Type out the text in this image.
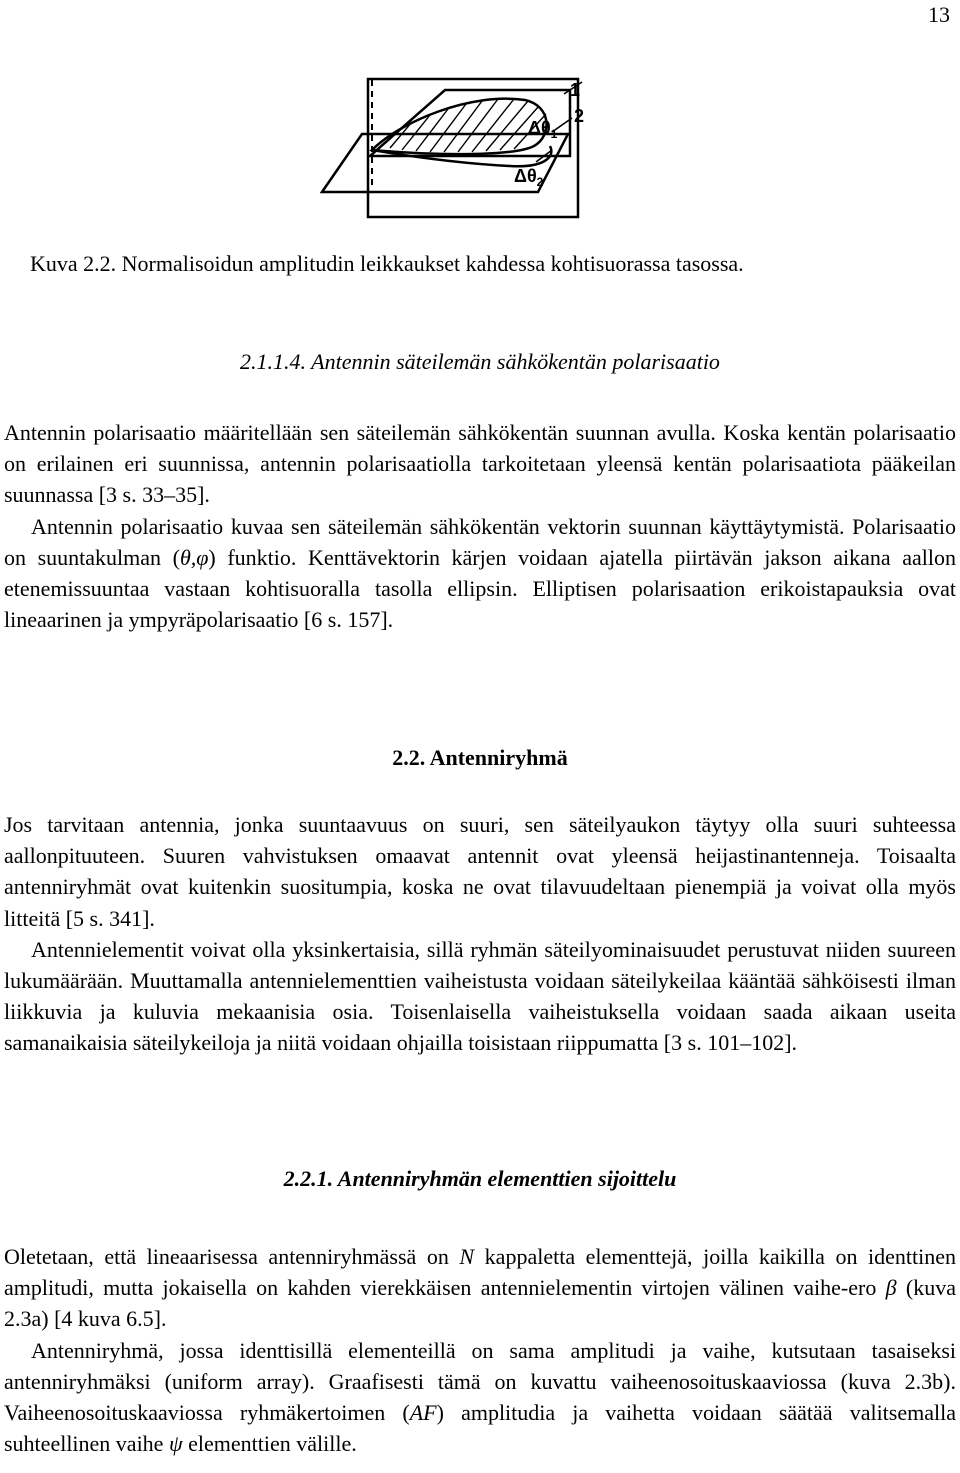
13
1
2
$\Delta\theta_1$
$\Delta\theta_2$
Kuva 2.2. Normalisoidun amplitudin leikkaukset kahdessa kohtisuorassa tasossa.
2.1.1.4. Antennin säteilemän sähkökentän polarisaatio

Antennin polarisaatio määritellään sen säteilemän sähkökentän suunnan avulla. Koska kentän polarisaatio on erilainen eri suunnissa, antennin polarisaatiolla tarkoitetaan yleensä kentän polarisaatiota pääkeilan suunnassa [3 s. 33–35].

Antennin polarisaatio kuvaa sen säteilemän sähkökentän vektorin suunnan käyttäytymistä. Polarisaatio on suuntakulman (θ,φ) funktio. Kenttävektorin kärjen voidaan ajatella piirtävän jakson aikana aallon etenemissuuntaa vastaan kohtisuoralla tasolla ellipsin. Elliptisen polarisaation erikoistapauksia ovat lineaarinen ja ympyräpolarisaatio [6 s. 157].

2.2. Antenniryhmä

Jos tarvitaan antennia, jonka suuntaavuus on suuri, sen säteilyaukon täytyy olla suuri suhteessa aallonpituuteen. Suuren vahvistuksen omaavat antennit ovat yleensä heijastinantenneja. Toisaalta antenniryhmät ovat kuitenkin suositumpia, koska ne ovat tilavuudeltaan pienempiä ja voivat olla myös litteitä [5 s. 341].

Antennielementit voivat olla yksinkertaisia, sillä ryhmän säteilyominaisuudet perustuvat niiden suureen lukumäärään. Muuttamalla antennielementtien vaiheistusta voidaan säteilykeilaa kääntää sähköisesti ilman liikkuvia ja kuluvia mekaanisia osia. Toisenlaisella vaiheistuksella voidaan saada aikaan useita samanaikaisia säteilykeiloja ja niitä voidaan ohjailla toisistaan riippumatta [3 s. 101–102].

2.2.1. Antenniryhmän elementtien sijoittelu

Oletetaan, että lineaarisessa antenniryhmässä on N kappaletta elementtejä, joilla kaikilla on identtinen amplitudi, mutta jokaisella on kahden vierekkäisen antennielementin virtojen välinen vaihe-ero β (kuva 2.3a) [4 kuva 6.5].

Antenniryhmä, jossa identtisillä elementeillä on sama amplitudi ja vaihe, kutsutaan tasaiseksi antenniryhmäksi (uniform array). Graafisesti tämä on kuvattu vaiheenosoituskaaviossa (kuva 2.3b). Vaiheenosoituskaaviossa ryhmäkertoimen (AF) amplitudia ja vaihetta voidaan säätää valitsemalla suhteellinen vaihe ψ elementtien välille.
